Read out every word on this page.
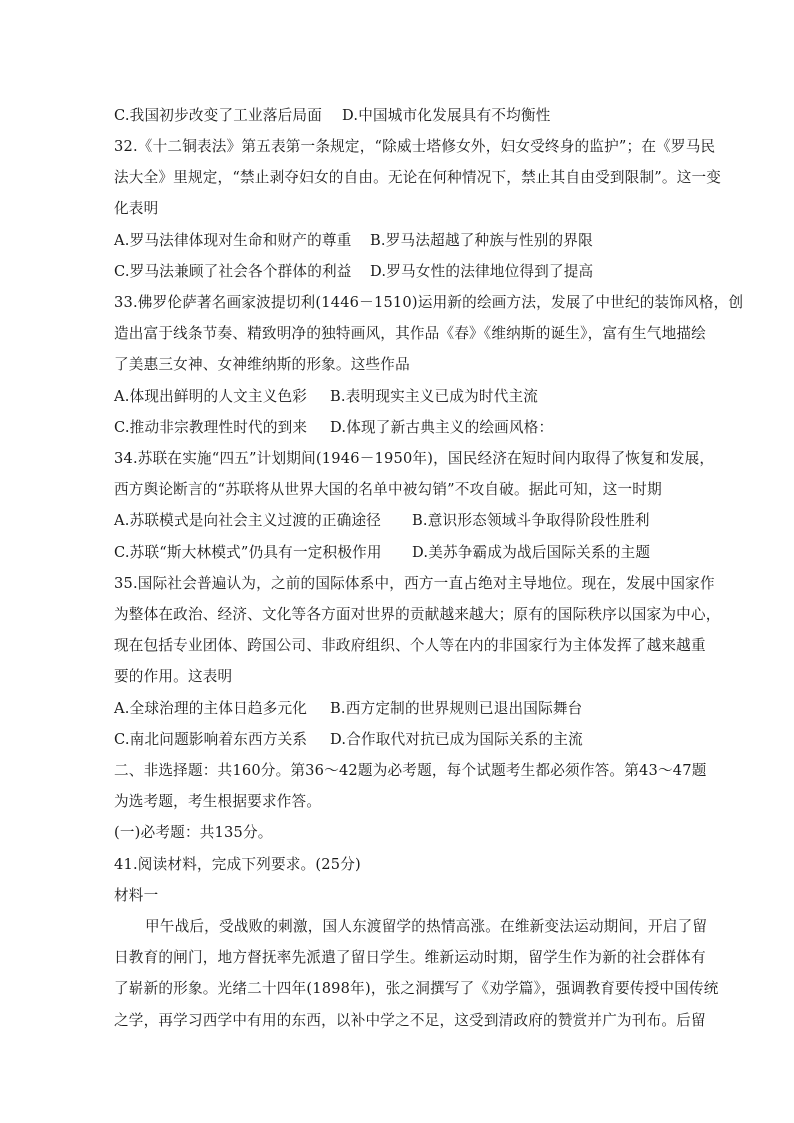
C.我国初步改变了工业落后局面 D.中国城市化发展具有不均衡性
32.《十二铜表法》第五表第一条规定，“除威士塔修女外，妇女受终身的监护”；在《罗马民
法大全》里规定，“禁止剥夺妇女的自由。无论在何种情况下，禁止其自由受到限制”。这一变
化表明
A.罗马法律体现对生命和财产的尊重 B.罗马法超越了种族与性别的界限
C.罗马法兼顾了社会各个群体的利益 D.罗马女性的法律地位得到了提高
33.佛罗伦萨著名画家波提切利(1446－1510)运用新的绘画方法，发展了中世纪的装饰风格，创
造出富于线条节奏、精致明净的独特画风，其作品《春》《维纳斯的诞生》，富有生气地描绘
了美惠三女神、女神维纳斯的形象。这些作品
A.体现出鲜明的人文主义色彩 B.表明现实主义已成为时代主流
C.推动非宗教理性时代的到来 D.体现了新古典主义的绘画风格：
34.苏联在实施“四五”计划期间(1946－1950年)，国民经济在短时间内取得了恢复和发展，
西方舆论断言的“苏联将从世界大国的名单中被勾销”不攻自破。据此可知，这一时期
A.苏联模式是向社会主义过渡的正确途径 B.意识形态领域斗争取得阶段性胜利
C.苏联“斯大林模式”仍具有一定积极作用 D.美苏争霸成为战后国际关系的主题
35.国际社会普遍认为，之前的国际体系中，西方一直占绝对主导地位。现在，发展中国家作
为整体在政治、经济、文化等各方面对世界的贡献越来越大；原有的国际秩序以国家为中心，
现在包括专业团体、跨国公司、非政府组织、个人等在内的非国家行为主体发挥了越来越重
要的作用。这表明
A.全球治理的主体日趋多元化 B.西方定制的世界规则已退出国际舞台
C.南北问题影响着东西方关系 D.合作取代对抗已成为国际关系的主流
二、非选择题：共160分。第36～42题为必考题，每个试题考生都必须作答。第43～47题
为选考题，考生根据要求作答。
(一)必考题：共135分。
41.阅读材料，完成下列要求。(25分)
材料一
甲午战后，受战败的刺激，国人东渡留学的热情高涨。在维新变法运动期间，开启了留
日教育的闸门，地方督抚率先派遣了留日学生。维新运动时期，留学生作为新的社会群体有
了崭新的形象。光绪二十四年(1898年)，张之洞撰写了《劝学篇》，强调教育要传授中国传统
之学，再学习西学中有用的东西，以补中学之不足，这受到清政府的赞赏并广为刊布。后留
